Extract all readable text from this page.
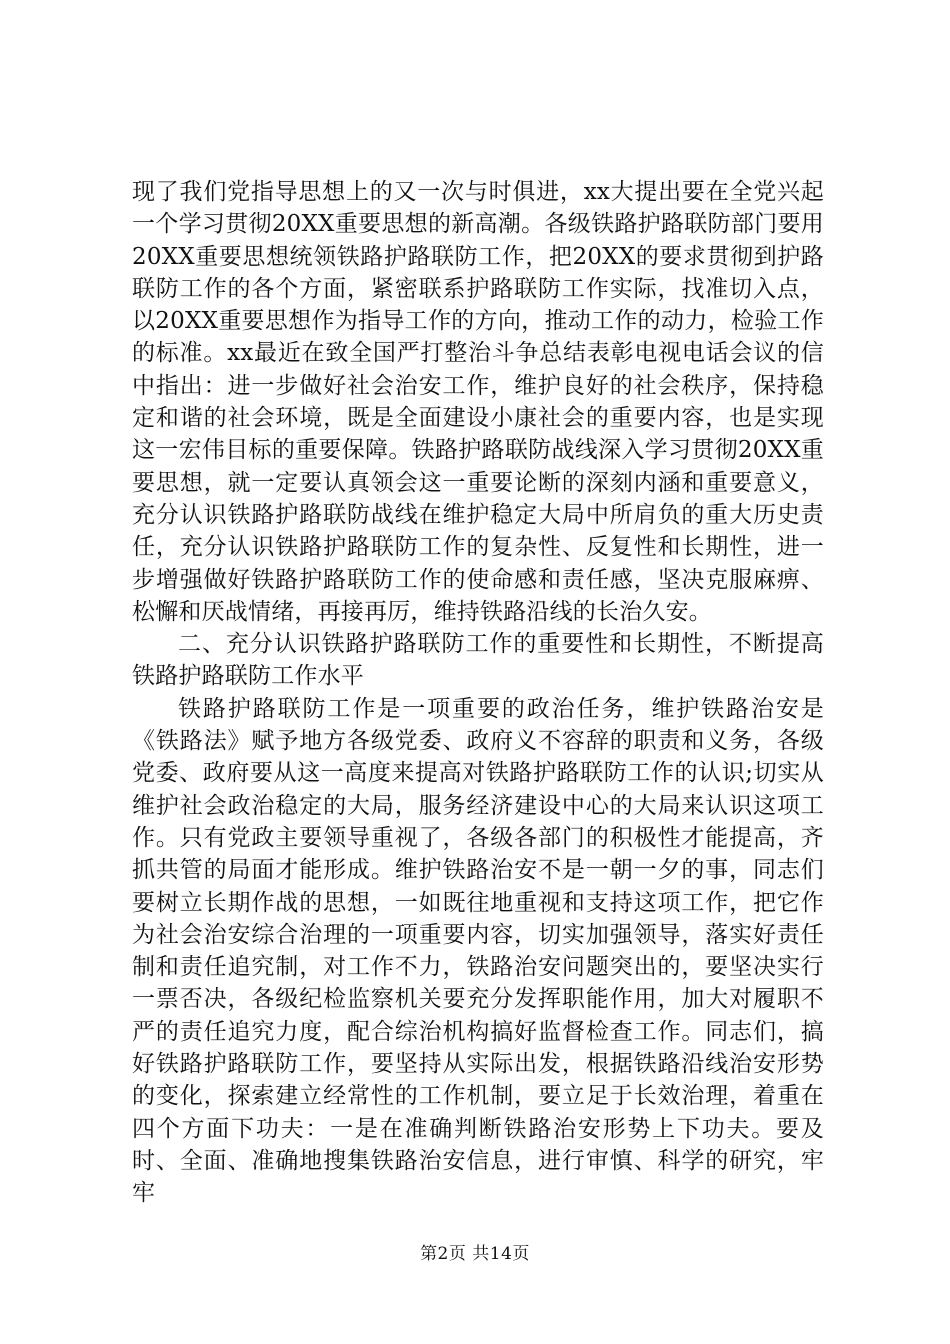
现了我们党指导思想上的又一次与时俱进，xx大提出要在全党兴起一个学习贯彻20XX重要思想的新高潮。各级铁路护路联防部门要用20XX重要思想统领铁路护路联防工作，把20XX的要求贯彻到护路联防工作的各个方面，紧密联系护路联防工作实际，找准切入点，以20XX重要思想作为指导工作的方向，推动工作的动力，检验工作的标准。xx最近在致全国严打整治斗争总结表彰电视电话会议的信中指出：进一步做好社会治安工作，维护良好的社会秩序，保持稳定和谐的社会环境，既是全面建设小康社会的重要内容，也是实现这一宏伟目标的重要保障。铁路护路联防战线深入学习贯彻20XX重要思想，就一定要认真领会这一重要论断的深刻内涵和重要意义，充分认识铁路护路联防战线在维护稳定大局中所肩负的重大历史责任，充分认识铁路护路联防工作的复杂性、反复性和长期性，进一步增强做好铁路护路联防工作的使命感和责任感，坚决克服麻痹、松懈和厌战情绪，再接再厉，维持铁路沿线的长治久安。

二、充分认识铁路护路联防工作的重要性和长期性，不断提高铁路护路联防工作水平

铁路护路联防工作是一项重要的政治任务，维护铁路治安是《铁路法》赋予地方各级党委、政府义不容辞的职责和义务，各级党委、政府要从这一高度来提高对铁路护路联防工作的认识;切实从维护社会政治稳定的大局，服务经济建设中心的大局来认识这项工作。只有党政主要领导重视了，各级各部门的积极性才能提高，齐抓共管的局面才能形成。维护铁路治安不是一朝一夕的事，同志们要树立长期作战的思想，一如既往地重视和支持这项工作，把它作为社会治安综合治理的一项重要内容，切实加强领导，落实好责任制和责任追究制，对工作不力，铁路治安问题突出的，要坚决实行一票否决，各级纪检监察机关要充分发挥职能作用，加大对履职不严的责任追究力度，配合综治机构搞好监督检查工作。同志们，搞好铁路护路联防工作，要坚持从实际出发，根据铁路沿线治安形势的变化，探索建立经常性的工作机制，要立足于长效治理，着重在四个方面下功夫：一是在准确判断铁路治安形势上下功夫。要及时、全面、准确地搜集铁路治安信息，进行审慎、科学的研究，牢牢

第2页 共14页
